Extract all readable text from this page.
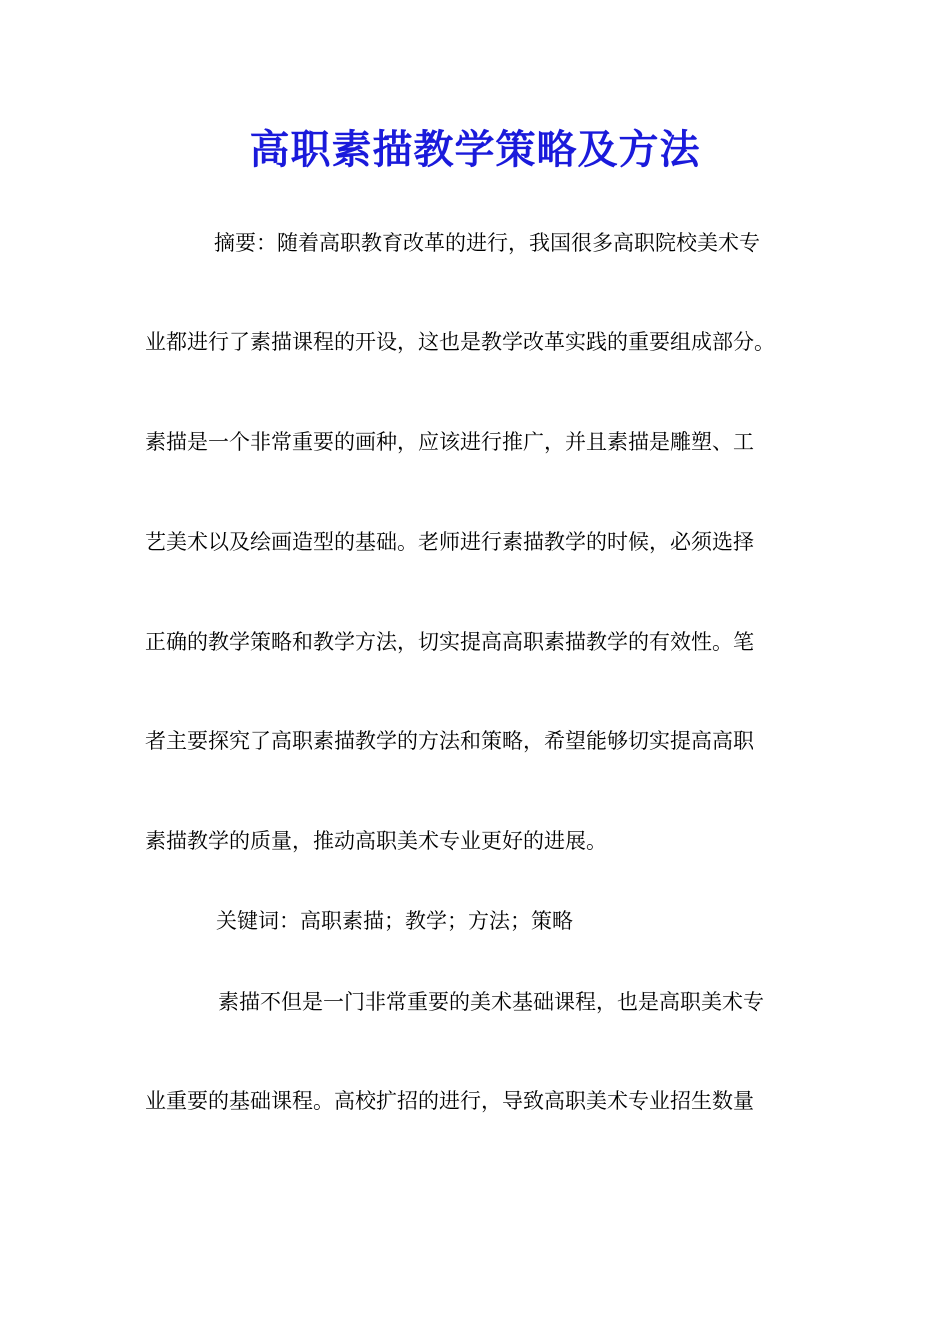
高职素描教学策略及方法

摘要：随着高职教育改革的进行，我国很多高职院校美术专

业都进行了素描课程的开设，这也是教学改革实践的重要组成部分。

素描是一个非常重要的画种，应该进行推广，并且素描是雕塑、工

艺美术以及绘画造型的基础。老师进行素描教学的时候，必须选择

正确的教学策略和教学方法，切实提高高职素描教学的有效性。笔

者主要探究了高职素描教学的方法和策略，希望能够切实提高高职

素描教学的质量，推动高职美术专业更好的进展。

关键词：高职素描；教学；方法；策略

素描不但是一门非常重要的美术基础课程，也是高职美术专

业重要的基础课程。高校扩招的进行，导致高职美术专业招生数量
